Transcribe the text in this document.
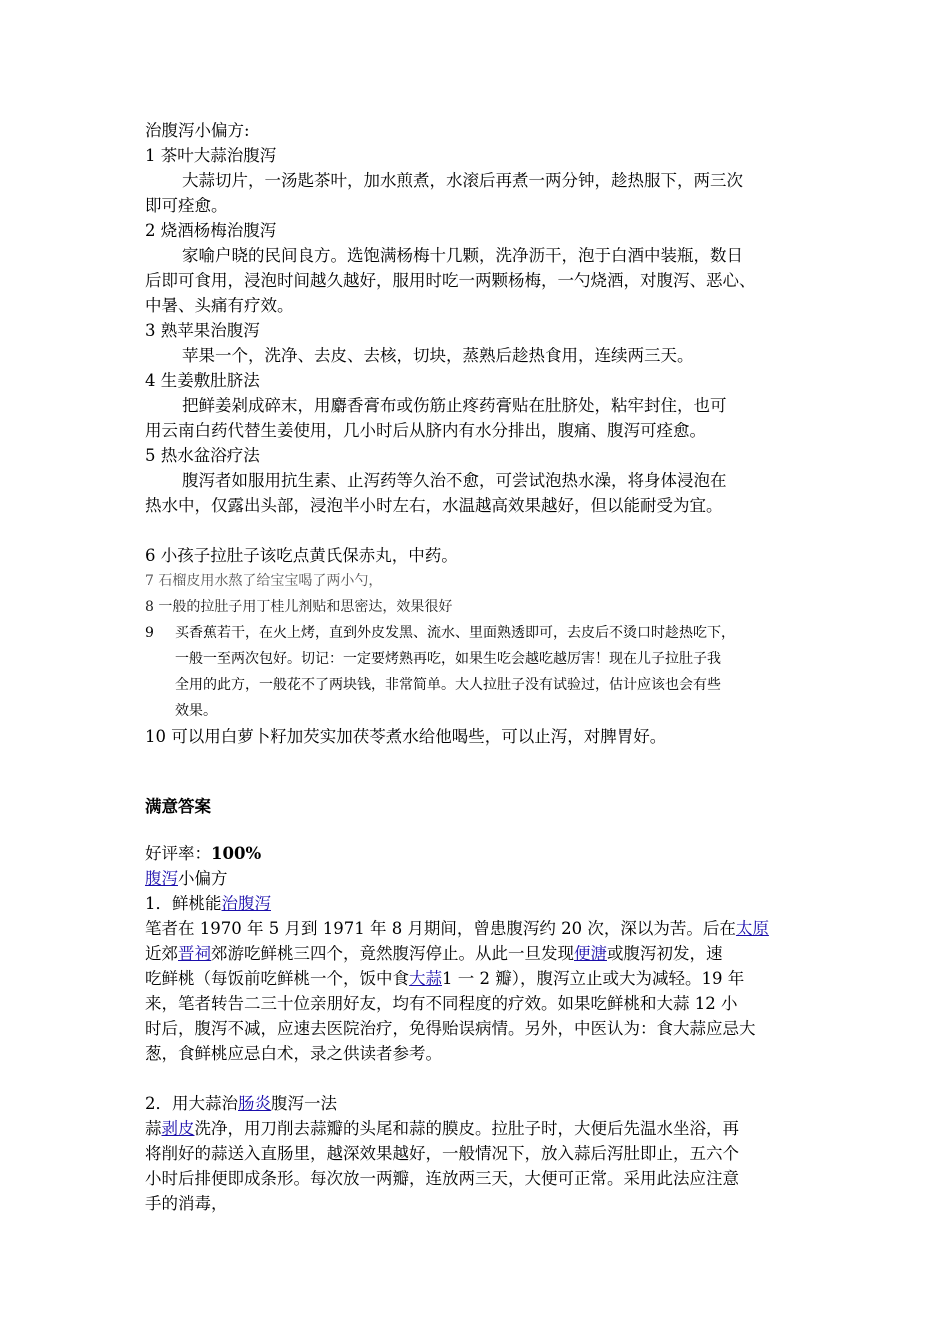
治腹泻小偏方:
1 茶叶大蒜治腹泻
大蒜切片，一汤匙茶叶，加水煎煮，水滚后再煮一两分钟，趁热服下，两三次
即可痊愈。
2 烧酒杨梅治腹泻
家喻户晓的民间良方。选饱满杨梅十几颗，洗净沥干，泡于白酒中装瓶，数日
后即可食用，浸泡时间越久越好，服用时吃一两颗杨梅，一勺烧酒，对腹泻、恶心、
中暑、头痛有疗效。
3 熟苹果治腹泻
苹果一个，洗净、去皮、去核，切块，蒸熟后趁热食用，连续两三天。
4 生姜敷肚脐法
把鲜姜剁成碎末，用麝香膏布或伤筋止疼药膏贴在肚脐处，粘牢封住，也可
用云南白药代替生姜使用，几小时后从脐内有水分排出，腹痛、腹泻可痊愈。
5 热水盆浴疗法
腹泻者如服用抗生素、止泻药等久治不愈，可尝试泡热水澡，将身体浸泡在
热水中，仅露出头部，浸泡半小时左右，水温越高效果越好，但以能耐受为宜。
6 小孩子拉肚子该吃点黄氏保赤丸，中药。
7 石榴皮用水熬了给宝宝喝了两小勺，
8 一般的拉肚子用丁桂儿剂贴和思密达，效果很好
9	买香蕉若干，在火上烤，直到外皮发黑、流水、里面熟透即可，去皮后不烫口时趁热吃下，
一般一至两次包好。切记：一定要烤熟再吃，如果生吃会越吃越厉害！现在儿子拉肚子我
全用的此方，一般花不了两块钱，非常简单。大人拉肚子没有试验过，估计应该也会有些
效果。
10 可以用白萝卜籽加芡实加茯苓煮水给他喝些，可以止泻，对脾胃好。
满意答案
好评率：100%
腹泻小偏方
1．鲜桃能治腹泻
笔者在 1970 年 5 月到 1971 年 8 月期间，曾患腹泻约 20 次，深以为苦。后在太原
近郊晋祠郊游吃鲜桃三四个，竟然腹泻停止。从此一旦发现便溏或腹泻初发，速
吃鲜桃（每饭前吃鲜桃一个，饭中食大蒜1 一 2 瓣），腹泻立止或大为减轻。19 年
来，笔者转告二三十位亲朋好友，均有不同程度的疗效。如果吃鲜桃和大蒜 12 小
时后，腹泻不减，应速去医院治疗，免得贻误病情。另外，中医认为：食大蒜应忌大
葱，食鲜桃应忌白术，录之供读者参考。
2．用大蒜治肠炎腹泻一法
蒜剥皮洗净，用刀削去蒜瓣的头尾和蒜的膜皮。拉肚子时，大便后先温水坐浴，再
将削好的蒜送入直肠里，越深效果越好，一般情况下，放入蒜后泻肚即止，五六个
小时后排便即成条形。每次放一两瓣，连放两三天，大便可正常。采用此法应注意
手的消毒，
